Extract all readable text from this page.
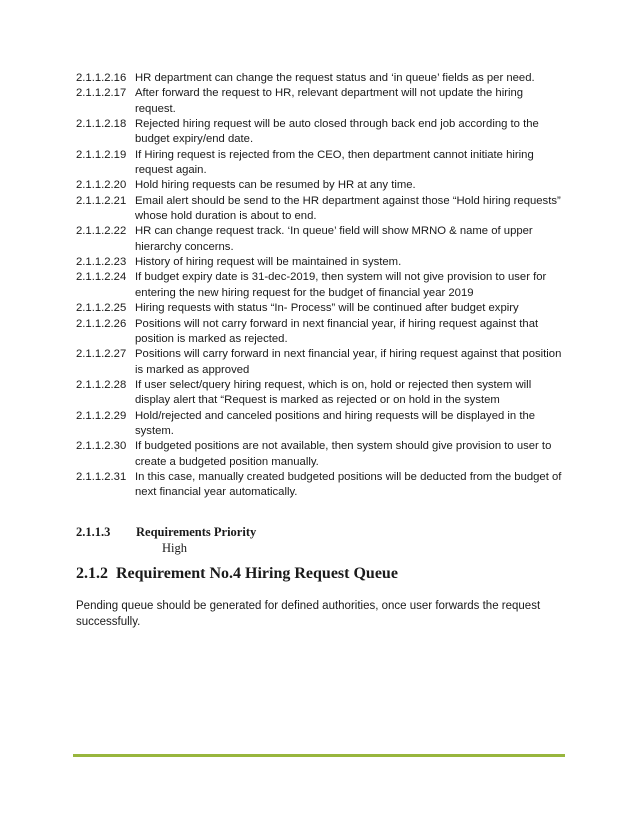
2.1.1.2.16 HR department can change the request status and ‘in queue’ fields as per need.
2.1.1.2.17 After forward the request to HR, relevant department will not update the hiring request.
2.1.1.2.18 Rejected hiring request will be auto closed through back end job according to the budget expiry/end date.
2.1.1.2.19 If Hiring request is rejected from the CEO, then department cannot initiate hiring request again.
2.1.1.2.20 Hold hiring requests can be resumed by HR at any time.
2.1.1.2.21 Email alert should be send to the HR department against those “Hold hiring requests” whose hold duration is about to end.
2.1.1.2.22 HR can change request track. ‘In queue’ field will show MRNO & name of upper hierarchy concerns.
2.1.1.2.23 History of hiring request will be maintained in system.
2.1.1.2.24 If budget expiry date is 31-dec-2019, then system will not give provision to user for entering the new hiring request for the budget of financial year 2019
2.1.1.2.25 Hiring requests with status “In- Process” will be continued after budget expiry
2.1.1.2.26 Positions will not carry forward in next financial year, if hiring request against that position is marked as rejected.
2.1.1.2.27 Positions will carry forward in next financial year, if hiring request against that position is marked as approved
2.1.1.2.28 If user select/query hiring request, which is on, hold or rejected then system will display alert that “Request is marked as rejected or on hold in the system
2.1.1.2.29 Hold/rejected and canceled positions and hiring requests will be displayed in the system.
2.1.1.2.30 If budgeted positions are not available, then system should give provision to user to create a budgeted position manually.
2.1.1.2.31 In this case, manually created budgeted positions will be deducted from the budget of next financial year automatically.
2.1.1.3	Requirements Priority
High
2.1.2 Requirement No.4 Hiring Request Queue
Pending queue should be generated for defined authorities, once user forwards the request successfully.
